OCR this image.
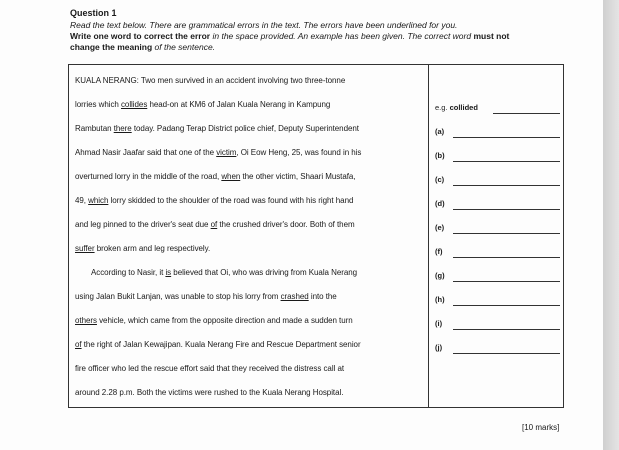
Question 1
Read the text below. There are grammatical errors in the text. The errors have been underlined for you.
Write one word to correct the error in the space provided. An example has been given. The correct word must not
change the meaning of the sentence.
KUALA NERANG: Two men survived in an accident involving two three-tonne
lorries which collides head-on at KM6 of Jalan Kuala Nerang in Kampung
Rambutan there today. Padang Terap District police chief, Deputy Superintendent
Ahmad Nasir Jaafar said that one of the victim, Oi Eow Heng, 25, was found in his
overturned lorry in the middle of the road, when the other victim, Shaari Mustafa,
49, which lorry skidded to the shoulder of the road was found with his right hand
and leg pinned to the driver's seat due of the crushed driver's door. Both of them
suffer broken arm and leg respectively.
According to Nasir, it is believed that Oi, who was driving from Kuala Nerang
using Jalan Bukit Lanjan, was unable to stop his lorry from crashed into the
others vehicle, which came from the opposite direction and made a sudden turn
of the right of Jalan Kewajipan. Kuala Nerang Fire and Rescue Department senior
fire officer who led the rescue effort said that they received the distress call at
around 2.28 p.m. Both the victims were rushed to the Kuala Nerang Hospital.
e.g. collided
(a)
(b)
(c)
(d)
(e)
(f)
(g)
(h)
(i)
(j)
[10 marks]
